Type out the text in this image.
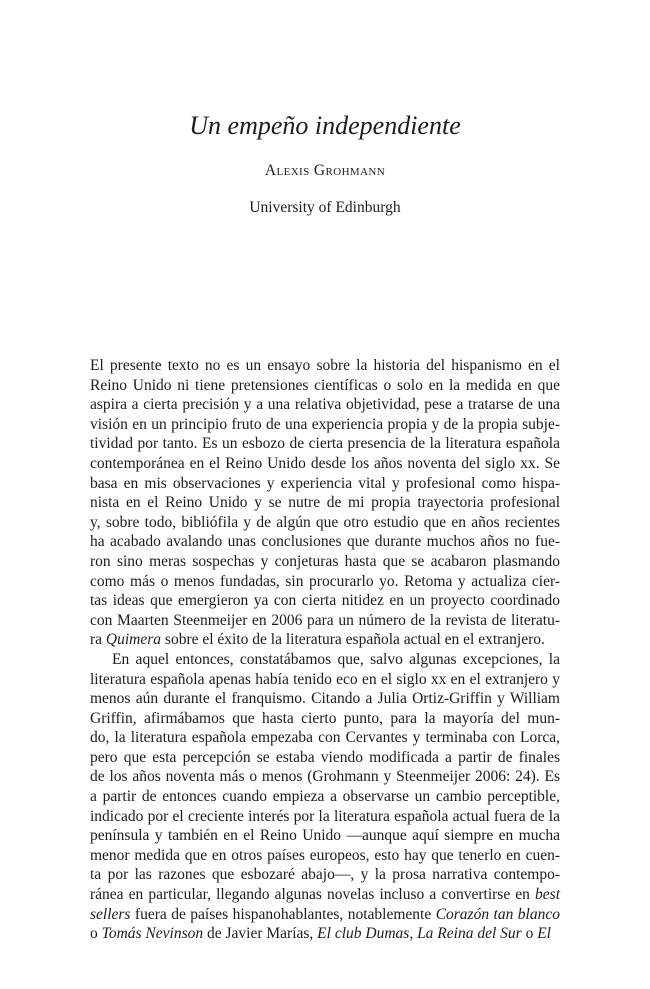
Un empeño independiente
Alexis Grohmann
University of Edinburgh

El presente texto no es un ensayo sobre la historia del hispanismo en el
Reino Unido ni tiene pretensiones científicas o solo en la medida en que
aspira a cierta precisión y a una relativa objetividad, pese a tratarse de una
visión en un principio fruto de una experiencia propia y de la propia subje-
tividad por tanto. Es un esbozo de cierta presencia de la literatura española
contemporánea en el Reino Unido desde los años noventa del siglo xx. Se
basa en mis observaciones y experiencia vital y profesional como hispa-
nista en el Reino Unido y se nutre de mi propia trayectoria profesional
y, sobre todo, bibliófila y de algún que otro estudio que en años recientes
ha acabado avalando unas conclusiones que durante muchos años no fue-
ron sino meras sospechas y conjeturas hasta que se acabaron plasmando
como más o menos fundadas, sin procurarlo yo. Retoma y actualiza cier-
tas ideas que emergieron ya con cierta nitidez en un proyecto coordinado
con Maarten Steenmeijer en 2006 para un número de la revista de literatu-
ra Quimera sobre el éxito de la literatura española actual en el extranjero.

En aquel entonces, constatábamos que, salvo algunas excepciones, la
literatura española apenas había tenido eco en el siglo xx en el extranjero y
menos aún durante el franquismo. Citando a Julia Ortiz-Griffin y William
Griffin, afirmábamos que hasta cierto punto, para la mayoría del mun-
do, la literatura española empezaba con Cervantes y terminaba con Lorca,
pero que esta percepción se estaba viendo modificada a partir de finales
de los años noventa más o menos (Grohmann y Steenmeijer 2006: 24). Es
a partir de entonces cuando empieza a observarse un cambio perceptible,
indicado por el creciente interés por la literatura española actual fuera de la
península y también en el Reino Unido —aunque aquí siempre en mucha
menor medida que en otros países europeos, esto hay que tenerlo en cuen-
ta por las razones que esbozaré abajo—, y la prosa narrativa contempo-
ránea en particular, llegando algunas novelas incluso a convertirse en best
sellers fuera de países hispanohablantes, notablemente Corazón tan blanco
o Tomás Nevinson de Javier Marías, El club Dumas, La Reina del Sur o El
